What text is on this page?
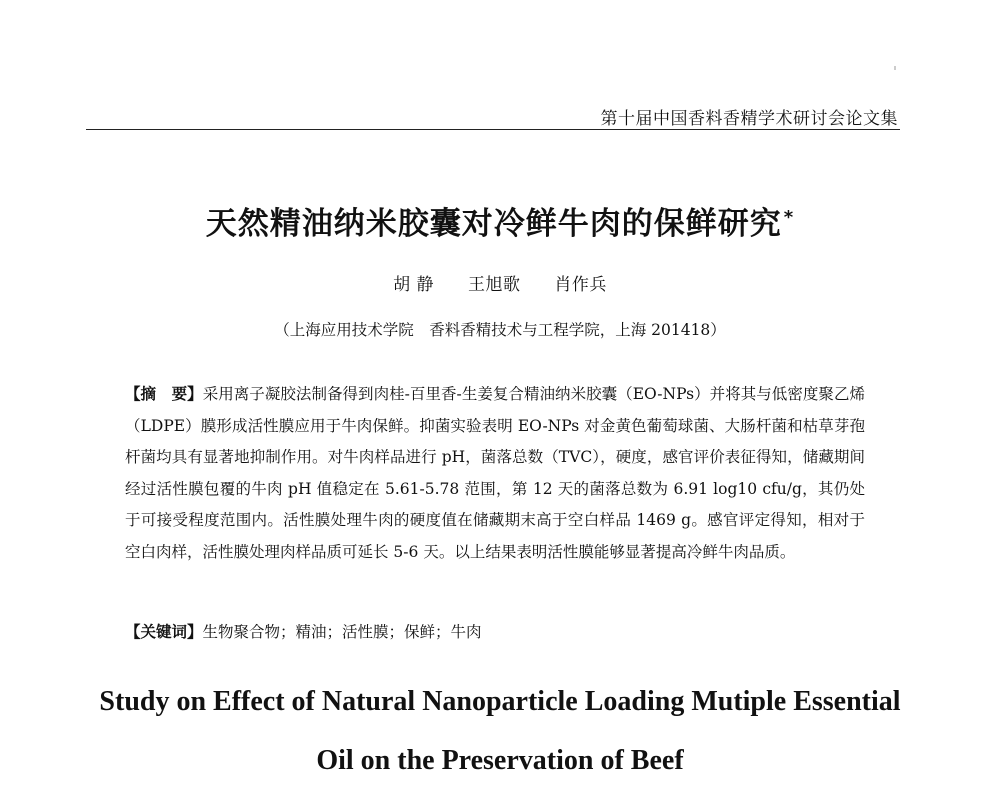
第十届中国香料香精学术研讨会论文集
天然精油纳米胶囊对冷鲜牛肉的保鲜研究 *
胡 静 王旭歌 肖作兵
（上海应用技术学院　香料香精技术与工程学院，上海 201418）
【摘　要】采用离子凝胶法制备得到肉桂-百里香-生姜复合精油纳米胶囊（EO-NPs）并将其与低密度聚乙烯（LDPE）膜形成活性膜应用于牛肉保鲜。抑菌实验表明 EO-NPs 对金黄色葡萄球菌、大肠杆菌和枯草芽孢杆菌均具有显著地抑制作用。对牛肉样品进行 pH，菌落总数（TVC），硬度，感官评价表征得知，储藏期间经过活性膜包覆的牛肉 pH 值稳定在 5.61-5.78 范围，第 12 天的菌落总数为 6.91 log10 cfu/g，其仍处于可接受程度范围内。活性膜处理牛肉的硬度值在储藏期末高于空白样品 1469 g。感官评定得知，相对于空白肉样，活性膜处理肉样品质可延长 5-6 天。以上结果表明活性膜能够显著提高冷鲜牛肉品质。
【关键词】生物聚合物；精油；活性膜；保鲜；牛肉
Study on Effect of Natural Nanoparticle Loading Mutiple Essential
Oil on the Preservation of Beef
